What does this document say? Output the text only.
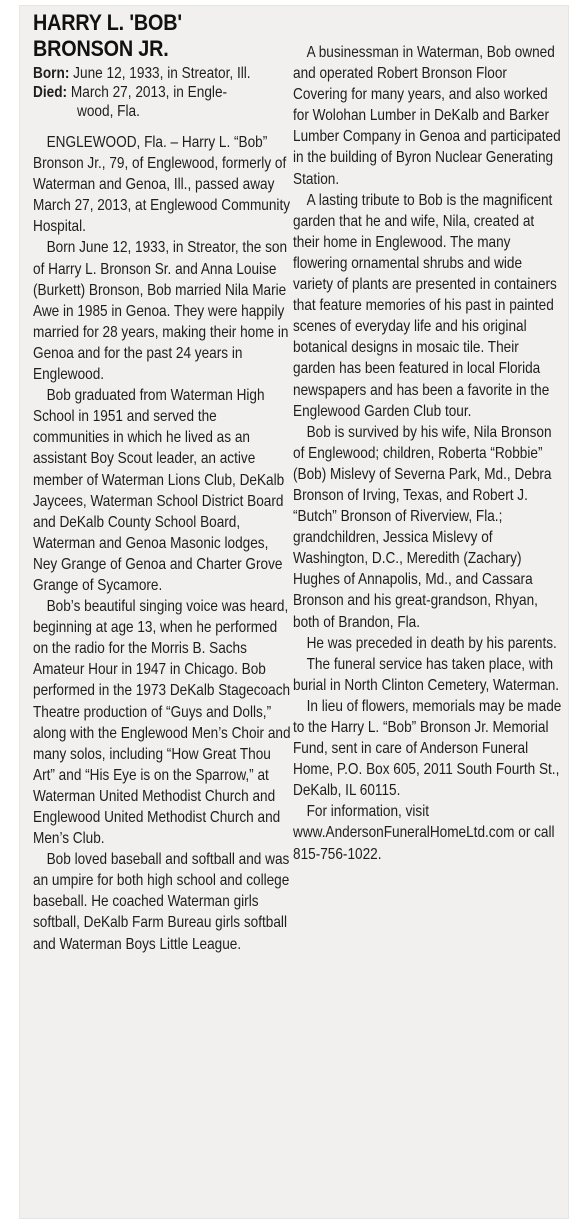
HARRY L. 'BOB'
BRONSON JR.

Born: June 12, 1933, in Streator, Ill.

Died: March 27, 2013, in Engle-
wood, Fla.

ENGLEWOOD, Fla. – Harry L. “Bob” Bronson Jr., 79, of Englewood, formerly of Waterman and Genoa, Ill., passed away March 27, 2013, at Englewood Community Hospital.

Born June 12, 1933, in Streator, the son of Harry L. Bronson Sr. and Anna Louise (Burkett) Bronson, Bob married Nila Marie Awe in 1985 in Genoa. They were happily married for 28 years, making their home in Genoa and for the past 24 years in Englewood.

Bob graduated from Waterman High School in 1951 and served the communities in which he lived as an assistant Boy Scout leader, an active member of Waterman Lions Club, DeKalb Jaycees, Waterman School District Board and DeKalb County School Board, Waterman and Genoa Masonic lodges, Ney Grange of Genoa and Charter Grove Grange of Sycamore.

Bob’s beautiful singing voice was heard, beginning at age 13, when he performed on the radio for the Morris B. Sachs Amateur Hour in 1947 in Chicago. Bob performed in the 1973 DeKalb Stagecoach Theatre production of “Guys and Dolls,” along with the Englewood Men’s Choir and many solos, including “How Great Thou Art” and “His Eye is on the Sparrow,” at Waterman United Methodist Church and Englewood United Methodist Church and Men’s Club.

Bob loved baseball and softball and was an umpire for both high school and college baseball. He coached Waterman girls softball, DeKalb Farm Bureau girls softball and Waterman Boys Little League.

A businessman in Waterman, Bob owned and operated Robert Bronson Floor Covering for many years, and also worked for Wolohan Lumber in DeKalb and Barker Lumber Company in Genoa and participated in the building of Byron Nuclear Generating Station.

A lasting tribute to Bob is the magnificent garden that he and wife, Nila, created at their home in Englewood. The many flowering ornamental shrubs and wide variety of plants are presented in containers that feature memories of his past in painted scenes of everyday life and his original botanical designs in mosaic tile. Their garden has been featured in local Florida newspapers and has been a favorite in the Englewood Garden Club tour.

Bob is survived by his wife, Nila Bronson of Englewood; children, Roberta “Robbie” (Bob) Mislevy of Severna Park, Md., Debra Bronson of Irving, Texas, and Robert J. “Butch” Bronson of Riverview, Fla.; grandchildren, Jessica Mislevy of Washington, D.C., Meredith (Zachary) Hughes of Annapolis, Md., and Cassara Bronson and his great-grandson, Rhyan, both of Brandon, Fla.

He was preceded in death by his parents.

The funeral service has taken place, with burial in North Clinton Cemetery, Waterman.

In lieu of flowers, memorials may be made to the Harry L. “Bob” Bronson Jr. Memorial Fund, sent in care of Anderson Funeral Home, P.O. Box 605, 2011 South Fourth St., DeKalb, IL 60115.

For information, visit www.AndersonFuneralHomeLtd.com or call 815-756-1022.
